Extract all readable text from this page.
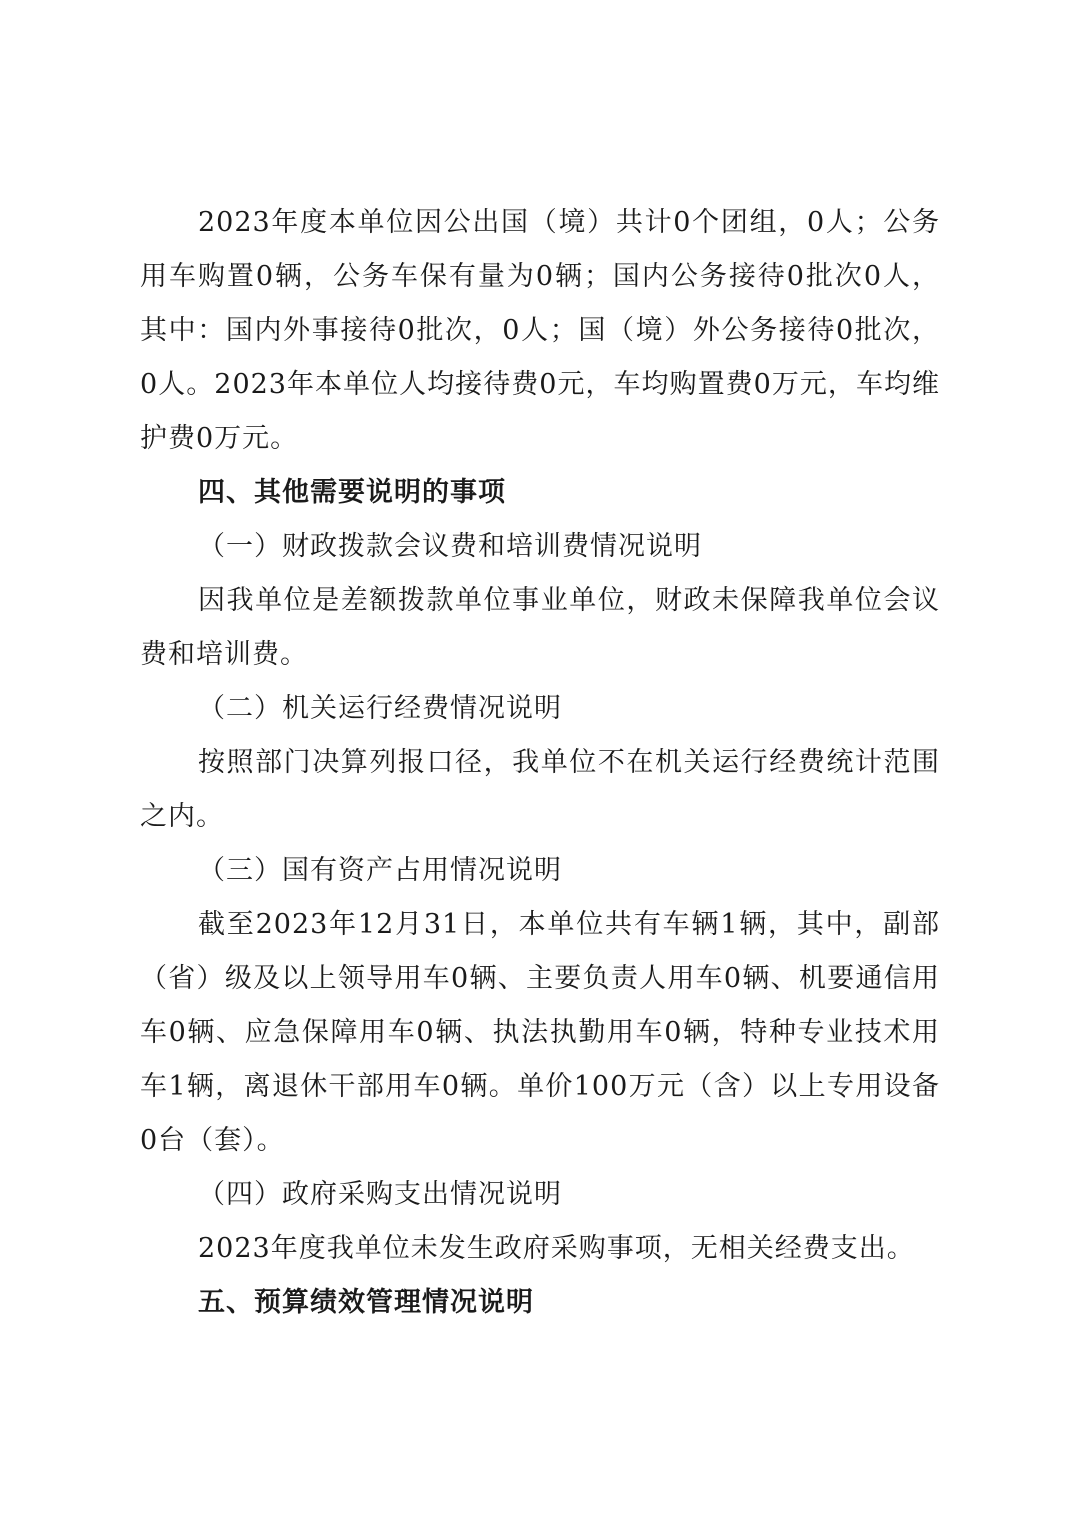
2023年度本单位因公出国（境）共计0个团组，0人；公务用车购置0辆，公务车保有量为0辆；国内公务接待0批次0人，其中：国内外事接待0批次，0人；国（境）外公务接待0批次，0人。2023年本单位人均接待费0元，车均购置费0万元，车均维护费0万元。

四、其他需要说明的事项

（一）财政拨款会议费和培训费情况说明

因我单位是差额拨款单位事业单位，财政未保障我单位会议费和培训费。

（二）机关运行经费情况说明

按照部门决算列报口径，我单位不在机关运行经费统计范围之内。

（三）国有资产占用情况说明

截至2023年12月31日，本单位共有车辆1辆，其中，副部（省）级及以上领导用车0辆、主要负责人用车0辆、机要通信用车0辆、应急保障用车0辆、执法执勤用车0辆，特种专业技术用车1辆，离退休干部用车0辆。单价100万元（含）以上专用设备0台（套）。

（四）政府采购支出情况说明

2023年度我单位未发生政府采购事项，无相关经费支出。

五、预算绩效管理情况说明
